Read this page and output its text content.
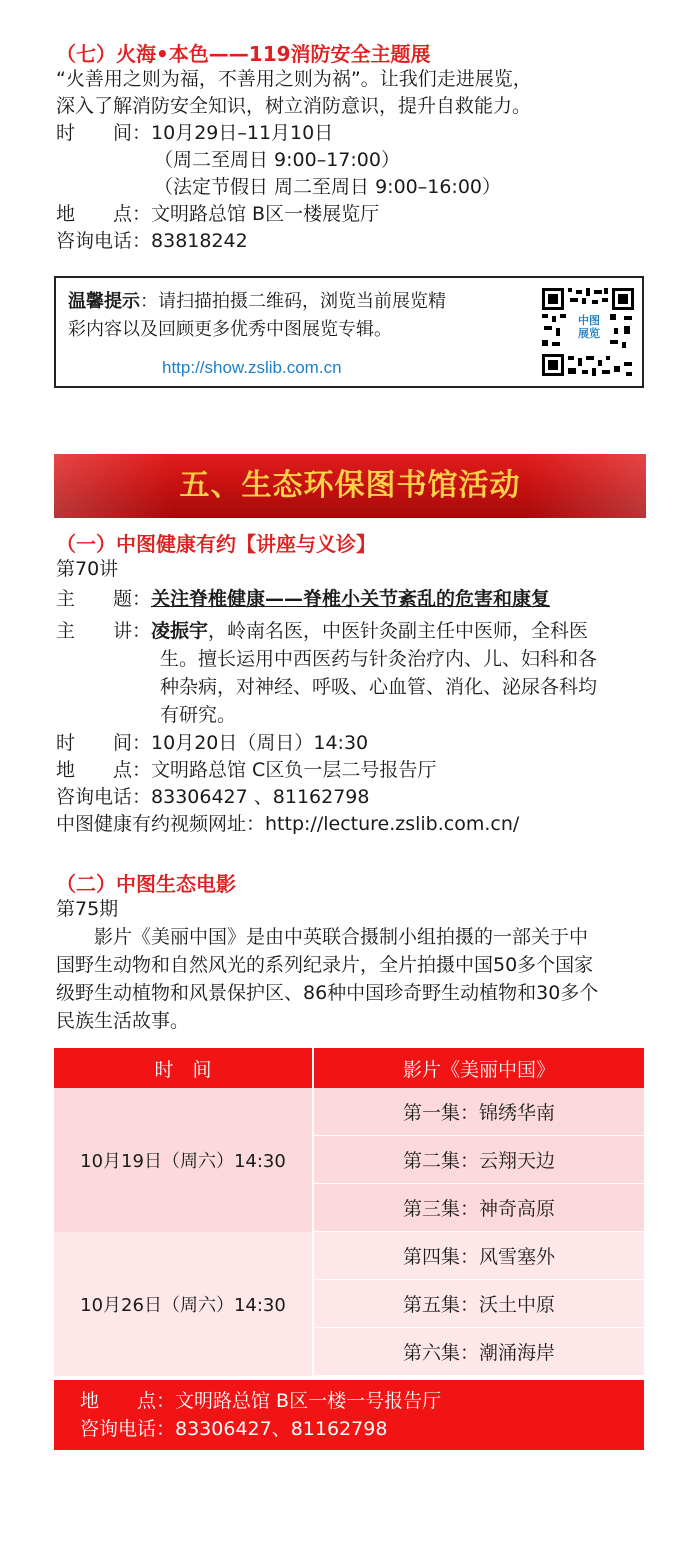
（七）火海•本色——119消防安全主题展
“火善用之则为福，不善用之则为祸”。让我们走进展览，
深入了解消防安全知识，树立消防意识，提升自救能力。
时　　间：10月29日–11月10日
（周二至周日 9:00–17:00）
（法定节假日 周二至周日 9:00–16:00）
地　　点：文明路总馆 B区一楼展览厅
咨询电话：83818242
温馨提示：请扫描拍摄二维码，浏览当前展览精
彩内容以及回顾更多优秀中图展览专辑。
http://show.zslib.com.cn
中图
展览
五、生态环保图书馆活动
（一）中图健康有约【讲座与义诊】
第70讲
主　　题：关注脊椎健康——脊椎小关节紊乱的危害和康复
主　　讲：凌振宇，岭南名医，中医针灸副主任中医师，全科医
生。擅长运用中西医药与针灸治疗内、儿、妇科和各
种杂病，对神经、呼吸、心血管、消化、泌尿各科均
有研究。
时　　间：10月20日（周日）14:30
地　　点：文明路总馆 C区负一层二号报告厅
咨询电话：83306427 、81162798
中图健康有约视频网址：http://lecture.zslib.com.cn/
（二）中图生态电影
第75期
　　影片《美丽中国》是由中英联合摄制小组拍摄的一部关于中
国野生动物和自然风光的系列纪录片，全片拍摄中国50多个国家
级野生动植物和风景保护区、86种中国珍奇野生动植物和30多个
民族生活故事。
时　间	影片《美丽中国》
10月19日（周六）14:30
第一集：锦绣华南
第二集：云翔天边
第三集：神奇高原
10月26日（周六）14:30
第四集：风雪塞外
第五集：沃土中原
第六集：潮涌海岸
地　　点：文明路总馆 B区一楼一号报告厅
咨询电话：83306427、81162798
